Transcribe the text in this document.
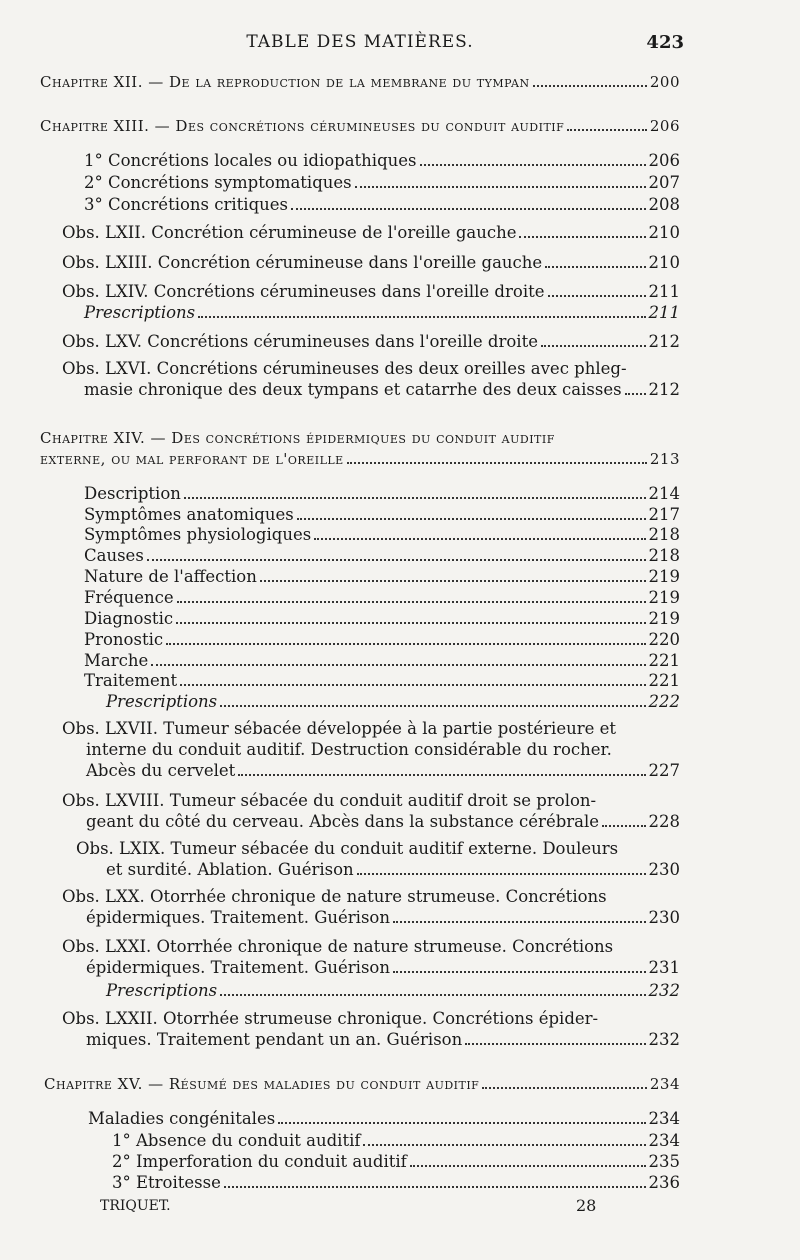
TABLE DES MATIÈRES.	423
Chapitre XII. — De la reproduction de la membrane du tympan	200
Chapitre XIII. — Des concrétions cérumineuses du conduit auditif	206
1° Concrétions locales ou idiopathiques	206
2° Concrétions symptomatiques	207
3° Concrétions critiques	208
Obs. LXII. Concrétion cérumineuse de l'oreille gauche	210
Obs. LXIII. Concrétion cérumineuse dans l'oreille gauche	210
Obs. LXIV. Concrétions cérumineuses dans l'oreille droite	211
Prescriptions	211
Obs. LXV. Concrétions cérumineuses dans l'oreille droite	212
Obs. LXVI. Concrétions cérumineuses des deux oreilles avec phleg-
masie chronique des deux tympans et catarrhe des deux caisses 212
Chapitre XIV. — Des concrétions épidermiques du conduit auditif
externe, ou mal perforant de l'oreille	213
Description	214
Symptômes anatomiques	217
Symptômes physiologiques	218
Causes	218
Nature de l'affection	219
Fréquence	219
Diagnostic	219
Pronostic	220
Marche	221
Traitement	221
Prescriptions	222
Obs. LXVII. Tumeur sébacée développée à la partie postérieure et
interne du conduit auditif. Destruction considérable du rocher.
Abcès du cervelet	227
Obs. LXVIII. Tumeur sébacée du conduit auditif droit se prolon-
geant du côté du cerveau. Abcès dans la substance cérébrale	228
Obs. LXIX. Tumeur sébacée du conduit auditif externe. Douleurs
et surdité. Ablation. Guérison	230
Obs. LXX. Otorrhée chronique de nature strumeuse. Concrétions
épidermiques. Traitement. Guérison	230
Obs. LXXI. Otorrhée chronique de nature strumeuse. Concrétions
épidermiques. Traitement. Guérison	231
Prescriptions	232
Obs. LXXII. Otorrhée strumeuse chronique. Concrétions épider-
miques. Traitement pendant un an. Guérison	232
Chapitre XV. — Résumé des maladies du conduit auditif	234
Maladies congénitales	234
1° Absence du conduit auditif	234
2° Imperforation du conduit auditif	235
3° Etroitesse	236
TRIQUET.	28
